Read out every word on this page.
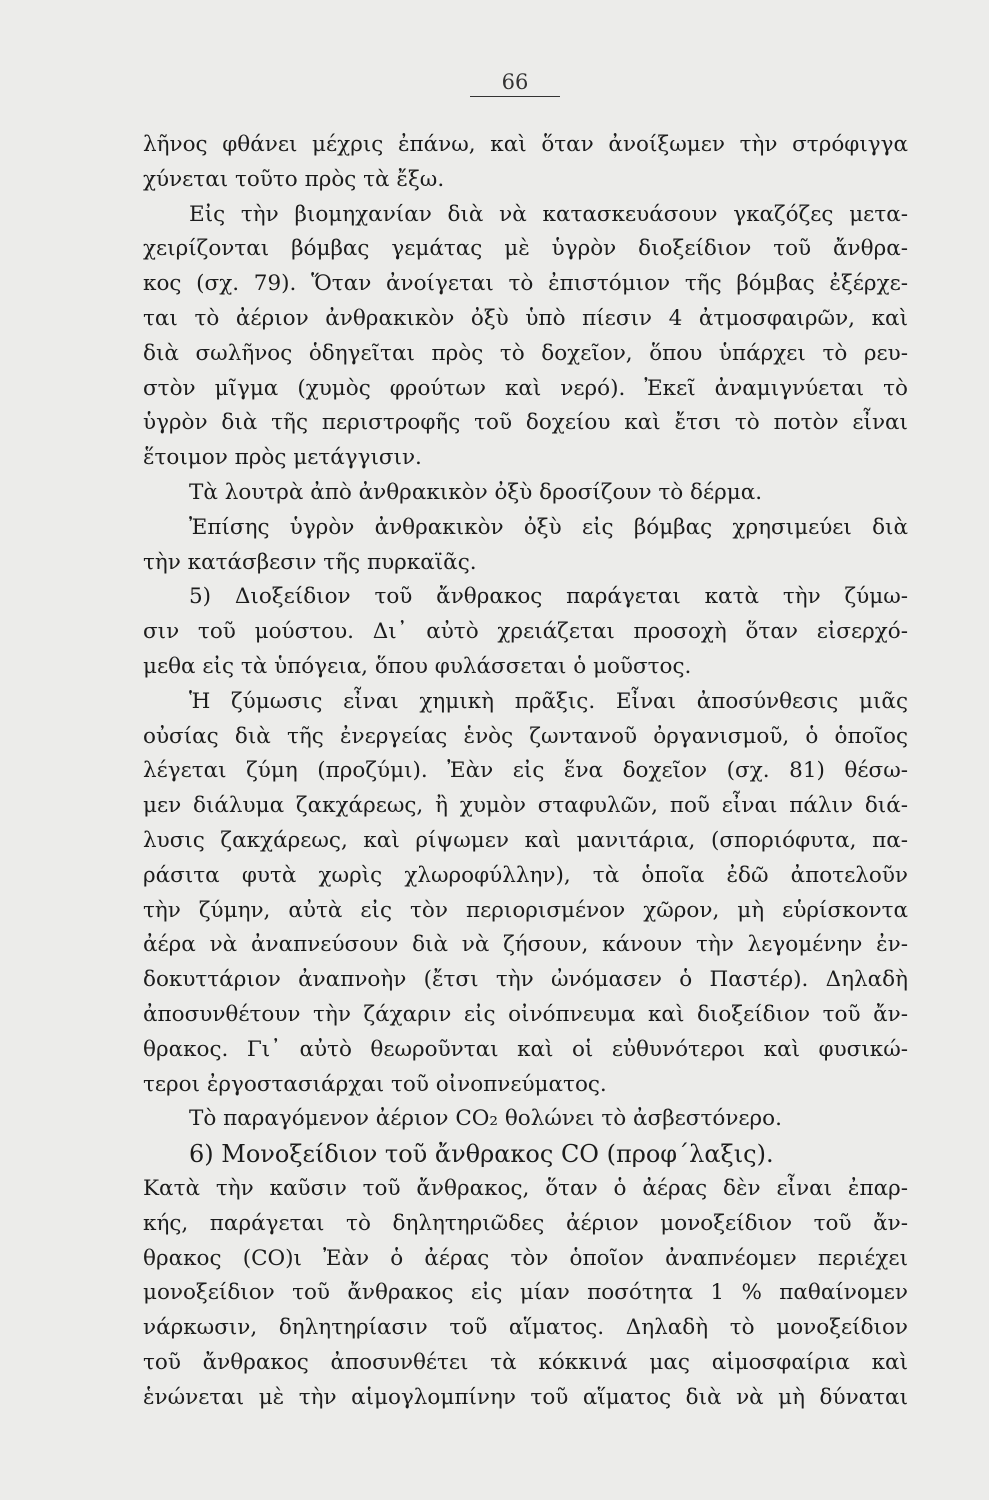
66
λῆνος φθάνει μέχρις ἐπάνω, καὶ ὅταν ἀνοίξωμεν τὴν στρόφιγγα
χύνεται τοῦτο πρὸς τὰ ἔξω.
Εἰς τὴν βιομηχανίαν διὰ νὰ κατασκευάσουν γκαζόζες μετα-
χειρίζονται βόμβας γεμάτας μὲ ὑγρὸν διοξείδιον τοῦ ἄνθρα-
κος (σχ. 79). Ὅταν ἀνοίγεται τὸ ἐπιστόμιον τῆς βόμβας ἐξέρχε-
ται τὸ ἀέριον ἀνθρακικὸν ὀξὺ ὑπὸ πίεσιν 4 ἀτμοσφαιρῶν, καὶ
διὰ σωλῆνος ὁδηγεῖται πρὸς τὸ δοχεῖον, ὅπου ὑπάρχει τὸ ρευ-
στὸν μῖγμα (χυμὸς φρούτων καὶ νερό). Ἐκεῖ ἀναμιγνύεται τὸ
ὑγρὸν διὰ τῆς περιστροφῆς τοῦ δοχείου καὶ ἔτσι τὸ ποτὸν εἶναι
ἕτοιμον πρὸς μετάγγισιν.
Τὰ λουτρὰ ἀπὸ ἀνθρακικὸν ὀξὺ δροσίζουν τὸ δέρμα.
Ἐπίσης ὑγρὸν ἀνθρακικὸν ὀξὺ εἰς βόμβας χρησιμεύει διὰ
τὴν κατάσβεσιν τῆς πυρκαϊᾶς.
5) Διοξείδιον τοῦ ἄνθρακος παράγεται κατὰ τὴν ζύμω-
σιν τοῦ μούστου. Δι᾽ αὐτὸ χρειάζεται προσοχὴ ὅταν εἰσερχό-
μεθα εἰς τὰ ὑπόγεια, ὅπου φυλάσσεται ὁ μοῦστος.
Ἡ ζύμωσις εἶναι χημικὴ πρᾶξις. Εἶναι ἀποσύνθεσις μιᾶς
οὐσίας διὰ τῆς ἐνεργείας ἑνὸς ζωντανοῦ ὀργανισμοῦ, ὁ ὁποῖος
λέγεται ζύμη (προζύμι). Ἐὰν εἰς ἕνα δοχεῖον (σχ. 81) θέσω-
μεν διάλυμα ζακχάρεως, ἢ χυμὸν σταφυλῶν, ποῦ εἶναι πάλιν διά-
λυσις ζακχάρεως, καὶ ρίψωμεν καὶ μανιτάρια, (σποριόφυτα, πα-
ράσιτα φυτὰ χωρὶς χλωροφύλλην), τὰ ὁποῖα ἐδῶ ἀποτελοῦν
τὴν ζύμην, αὐτὰ εἰς τὸν περιορισμένον χῶρον, μὴ εὑρίσκοντα
ἀέρα νὰ ἀναπνεύσουν διὰ νὰ ζήσουν, κάνουν τὴν λεγομένην ἐν-
δοκυττάριον ἀναπνοὴν (ἔτσι τὴν ὠνόμασεν ὁ Παστέρ). Δηλαδὴ
ἀποσυνθέτουν τὴν ζάχαριν εἰς οἰνόπνευμα καὶ διοξείδιον τοῦ ἄν-
θρακος. Γι᾽ αὐτὸ θεωροῦνται καὶ οἱ εὐθυνότεροι καὶ φυσικώ-
τεροι ἐργοστασιάρχαι τοῦ οἰνοπνεύματος.
Τὸ παραγόμενον ἀέριον CO₂ θολώνει τὸ ἀσβεστόνερο.
6) Μονοξείδιον τοῦ ἄνθρακος CO (προφ΄λαξις).
Κατὰ τὴν καῦσιν τοῦ ἄνθρακος, ὅταν ὁ ἀέρας δὲν εἶναι ἐπαρ-
κής, παράγεται τὸ δηλητηριῶδες ἀέριον μονοξείδιον τοῦ ἄν-
θρακος (CO)ι Ἐὰν ὁ ἀέρας τὸν ὁποῖον ἀναπνέομεν περιέχει
μονοξείδιον τοῦ ἄνθρακος εἰς μίαν ποσότητα 1 % παθαίνομεν
νάρκωσιν, δηλητηρίασιν τοῦ αἵματος. Δηλαδὴ τὸ μονοξείδιον
τοῦ ἄνθρακος ἀποσυνθέτει τὰ κόκκινά μας αἱμοσφαίρια καὶ
ἑνώνεται μὲ τὴν αἱμογλομπίνην τοῦ αἵματος διὰ νὰ μὴ δύναται
